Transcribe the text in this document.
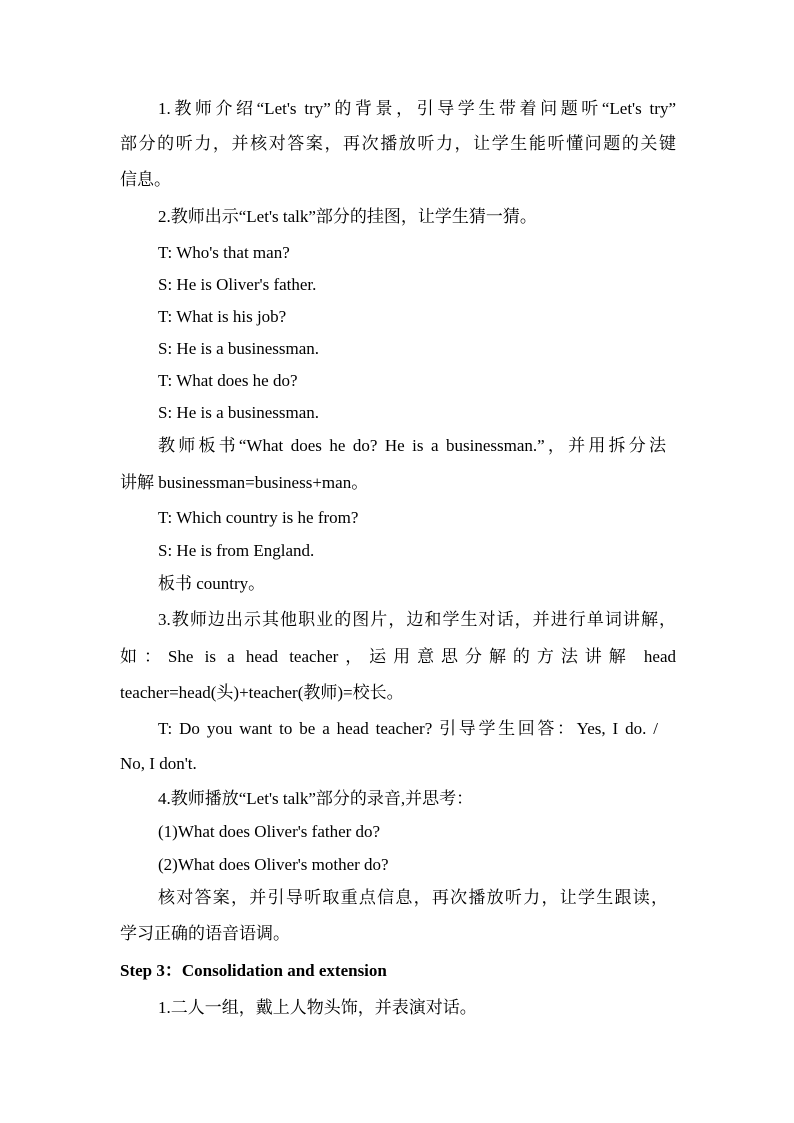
1.教师介绍“Let's try”的背景，引导学生带着问题听“Let's try”
部分的听力，并核对答案，再次播放听力，让学生能听懂问题的关键
信息。
2.教师出示“Let's talk”部分的挂图，让学生猜一猜。
T: Who's that man?
S: He is Oliver's father.
T: What is his job?
S: He is a businessman.
T: What does he do?
S: He is a businessman.
教师板书“What does he do? He is a businessman.”，并用拆分法
讲解 businessman=business+man。
T: Which country is he from?
S: He is from England.
板书 country。
3.教师边出示其他职业的图片，边和学生对话，并进行单词讲解，
如：She is a head teacher，运用意思分解的方法讲解 head
teacher=head(头)+teacher(教师)=校长。
T: Do you want to be a head teacher? 引导学生回答：Yes, I do. /
No, I don't.
4.教师播放“Let's talk”部分的录音,并思考：
(1)What does Oliver's father do?
(2)What does Oliver's mother do?
核对答案，并引导听取重点信息，再次播放听力，让学生跟读，
学习正确的语音语调。
Step 3：Consolidation and extension
1.二人一组，戴上人物头饰，并表演对话。
